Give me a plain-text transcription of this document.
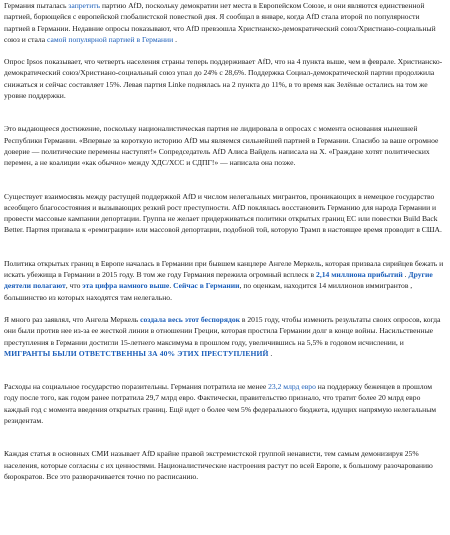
Германия пыталась запретить партию AfD, поскольку демократии нет места в Европейском Союзе, и они являются единственной партией, борющейся с европейской глобалистской повесткой дня. Я сообщал в январе, когда AfD стала второй по популярности партией в Германии. Недавние опросы показывают, что AfD превзошла Христианско-демократический союз/Христиано-социальный союз и стала самой популярной партией в Германии .

Опрос Ipsos показывает, что четверть населения страны теперь поддерживает AfD, что на 4 пункта выше, чем в феврале. Христианско-демократический союз/Христиано-социальный союз упал до 24% с 28,6%. Поддержка Социал-демократической партии продолжила снижаться и сейчас составляет 15%. Левая партия Linke поднялась на 2 пункта до 11%, в то время как Зелёные остались на том же уровне поддержки.

Это выдающееся достижение, поскольку националистическая партия не лидировала в опросах с момента основания нынешней Республики Германии. «Впервые за короткую историю AfD мы являемся сильнейшей партией в Германии. Спасибо за ваше огромное доверие — политические перемены наступят!» Сопредседатель AfD Алиса Вайдель написала на X. «Граждане хотят политических перемен, а не коалиции «как обычно» между ХДС/ХСС и СДПГ!» — написала она позже.

Существует взаимосвязь между растущей поддержкой AfD и числом нелегальных мигрантов, проникающих в немецкое государство всеобщего благосостояния и вызывающих резкий рост преступности. AfD поклялась восстановить Германию для народа Германии и провести массовые кампании депортации. Группа не желает придерживаться политики открытых границ ЕС или повестки Build Back Better. Партия призвала к «ремиграции» или массовой депортации, подобной той, которую Трамп в настоящее время проводит в США.

Политика открытых границ в Европе началась в Германии при бывшем канцлере Ангеле Меркель, которая призвала сирийцев бежать и искать убежища в Германии в 2015 году. В том же году Германия пережила огромный всплеск в 2,14 миллиона прибытий . Другие деятели полагают, что эта цифра намного выше. Сейчас в Германии, по оценкам, находится 14 миллионов иммигрантов , большинство из которых находятся там нелегально.

Я много раз заявлял, что Ангела Меркель создала весь этот беспорядок в 2015 году, чтобы изменить результаты своих опросов, когда они были против нее из-за ее жесткой линии в отношении Греции, которая простила Германии долг в конце войны. Насильственные преступления в Германии достигли 15-летнего максимума в прошлом году, увеличившись на 5,5% в годовом исчислении, и МИГРАНТЫ БЫЛИ ОТВЕТСТВЕННЫ ЗА 40% ЭТИХ ПРЕСТУПЛЕНИЙ .

Расходы на социальное государство поразительны. Германия потратила не менее 23,2 млрд евро на поддержку беженцев в прошлом году после того, как годом ранее потратила 29,7 млрд евро. Фактически, правительство признало, что тратит более 20 млрд евро каждый год с момента введения открытых границ. Ещё идет о более чем 5% федерального бюджета, идущих напрямую нелегальным резидентам.

Каждая статья в основных СМИ называет AfD крайне правой экстремистской группой ненависти, тем самым демонизируя 25% населения, которые согласны с их ценностями. Националистические настроения растут по всей Европе, к большому разочарованию бюрократов. Все это разворачивается точно по расписанию.
